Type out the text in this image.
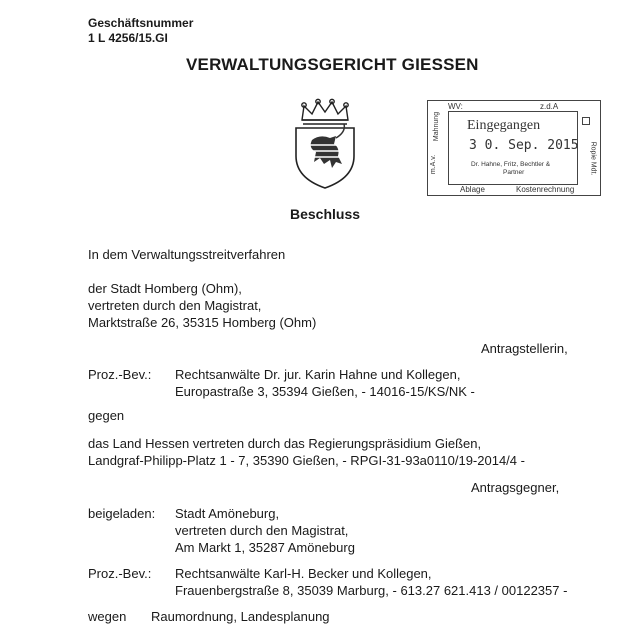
Geschäftsnummer
1 L 4256/15.GI
VERWALTUNGSGERICHT GIESSEN
WV:	z.d.A
Eingegangen
3 0. Sep. 2015
Dr. Hahne, Fritz, Bechtler &
Partner
Ablage	Kostenrechnung
Mahnung
m.A.v.	Ropie Mdt.
Beschluss
In dem Verwaltungsstreitverfahren
der Stadt Homberg (Ohm),
vertreten durch den Magistrat,
Marktstraße 26, 35315 Homberg (Ohm)
Antragstellerin,
Proz.-Bev.: Rechtsanwälte Dr. jur. Karin Hahne und Kollegen,
Europastraße 3, 35394 Gießen, - 14016-15/KS/NK -
gegen
das Land Hessen vertreten durch das Regierungspräsidium Gießen,
Landgraf-Philipp-Platz 1 - 7, 35390 Gießen, - RPGI-31-93a0110/19-2014/4 -
Antragsgegner,
beigeladen: Stadt Amöneburg,
vertreten durch den Magistrat,
Am Markt 1, 35287 Amöneburg
Proz.-Bev.: Rechtsanwälte Karl-H. Becker und Kollegen,
Frauenbergstraße 8, 35039 Marburg, - 613.27 621.413 / 00122357 -
wegen Raumordnung, Landesplanung
